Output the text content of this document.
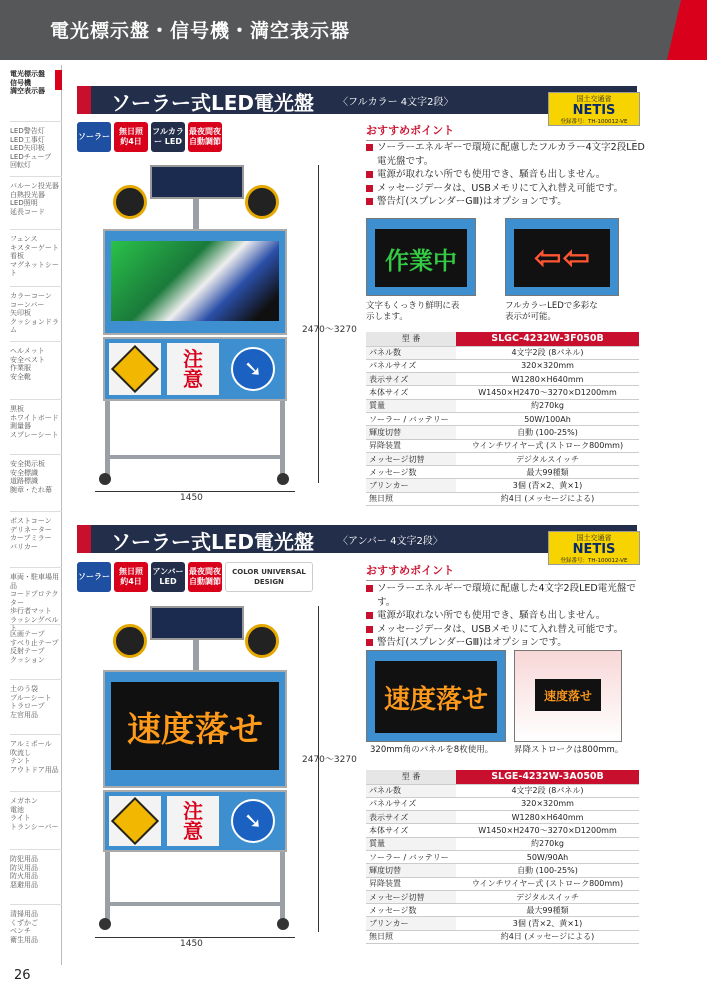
電光標示盤・信号機・満空表示器
電光標示盤
信号機
満空表示器
LED警告灯
LED工事灯
LED矢印板
LEDチューブ
回転灯
バルーン投光器
白熱投光器
LED照明
延長コード
フェンス
キスターゲート
看板
マグネットシート
カラーコーン
コーンバー
矢印板
クッションドラム
ヘルメット
安全ベスト
作業服
安全靴
黒板
ホワイトボード
測量器
スプレーシート
安全掲示板
安全標識
道路標識
腕章・たれ幕
ポストコーン
デリネーター
カーブミラー
バリカー
車両・駐車場用品
コードプロテクター
歩行者マット
ラッシングベルト
区画テープ
すべり止テープ
反射テープ
クッション
土のう袋
ブルーシート
トラロープ
左官用品
アルミポール
吹流し
テント
アウトドア用品
メガホン
電池
ライト
トランシーバー
防犯用品
防災用品
防火用品
惡避用品
清掃用品
くずかご
ベンチ
衛生用品
26
ソーラー式LED電光盤 〈フルカラー 4文字2段〉	国土交通省
NETIS
登録番号：TH-100012-VE
ソーラー
無日照 約4日
フルカラー LED
最夜間夜 自動調節
注意	➘
2470～3270
1450
おすすめポイント
ソーラーエネルギーで環境に配慮したフルカラー4文字2段LED電光盤です。
電源が取れない所でも使用でき、騒音も出しません。
メッセージデータは、USBメモリにて入れ替え可能です。
警告灯(スプレンダーGⅢ)はオプションです。
作業中	⇦⇦
文字もくっきり鮮明に表示します。
フルカラーLEDで多彩な表示が可能。
型 番	SLGC-4232W-3F050B
パネル数	4文字2段 (8パネル)
パネルサイズ	320×320mm
表示サイズ	W1280×H640mm
本体サイズ	W1450×H2470～3270×D1200mm
質量	約270kg
ソーラー / バッテリー	50W/100Ah
輝度切替	自動 (100-25%)
昇降装置	ウインチワイヤー式 (ストローク800mm)
メッセージ切替	デジタルスイッチ
メッセージ数	最大99種類
ブリンカー	3個 (青×2、黄×1)
無日照	約4日 (メッセージによる)
ソーラー式LED電光盤 〈アンバー 4文字2段〉	国土交通省
NETIS
登録番号：TH-100012-VE
ソーラー
無日照 約4日
アンバー LED
最夜間夜 自動調節
COLOR UNIVERSAL DESIGN
速度落せ
注意	➘
2470～3270
1450
おすすめポイント
ソーラーエネルギーで環境に配慮した4文字2段LED電光盤です。
電源が取れない所でも使用でき、騒音も出しません。
メッセージデータは、USBメモリにて入れ替え可能です。
警告灯(スプレンダーGⅢ)はオプションです。
速度落せ	速度落せ
320mm角のパネルを8枚使用。	昇降ストロークは800mm。
型 番	SLGE-4232W-3A050B
パネル数	4文字2段 (8パネル)
パネルサイズ	320×320mm
表示サイズ	W1280×H640mm
本体サイズ	W1450×H2470～3270×D1200mm
質量	約270kg
ソーラー / バッテリー	50W/90Ah
輝度切替	自動 (100-25%)
昇降装置	ウインチワイヤー式 (ストローク800mm)
メッセージ切替	デジタルスイッチ
メッセージ数	最大99種類
ブリンカー	3個 (青×2、黄×1)
無日照	約4日 (メッセージによる)
